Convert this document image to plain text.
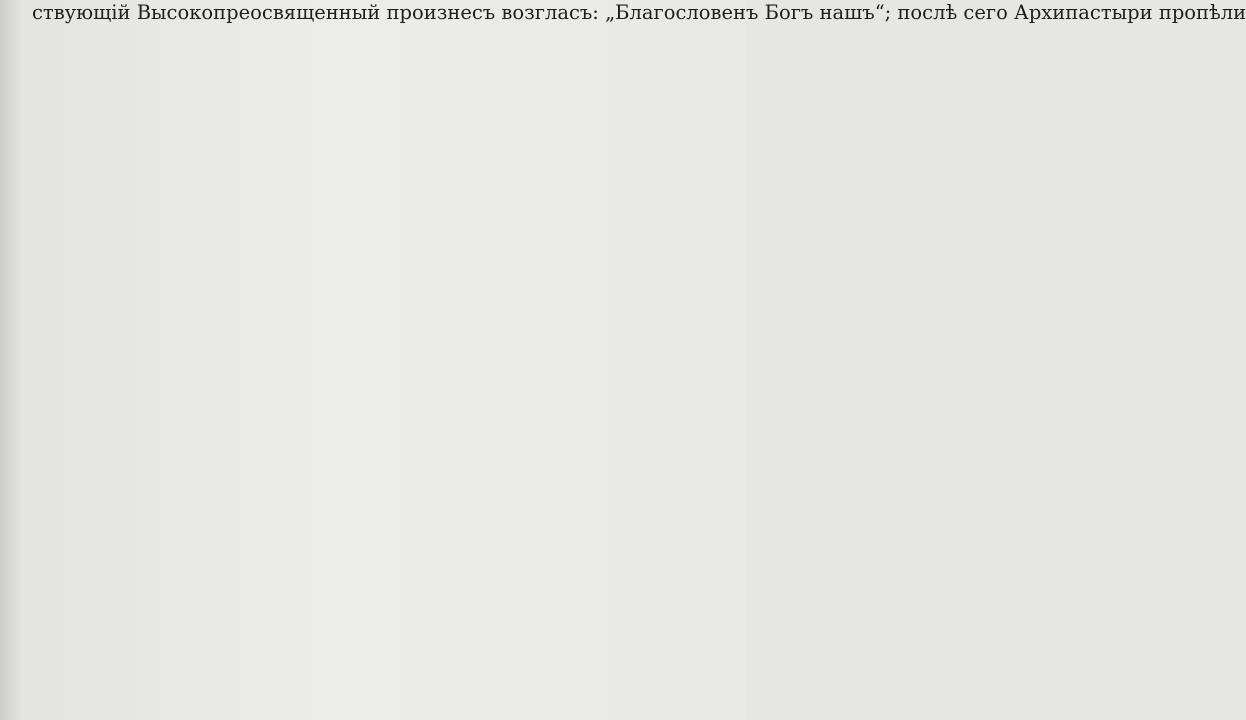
ствующій Высокопреосвященный произнесъ возгласъ: „Благословенъ Богъ нашъ“; послѣ сего Архипастыри пропѣли
